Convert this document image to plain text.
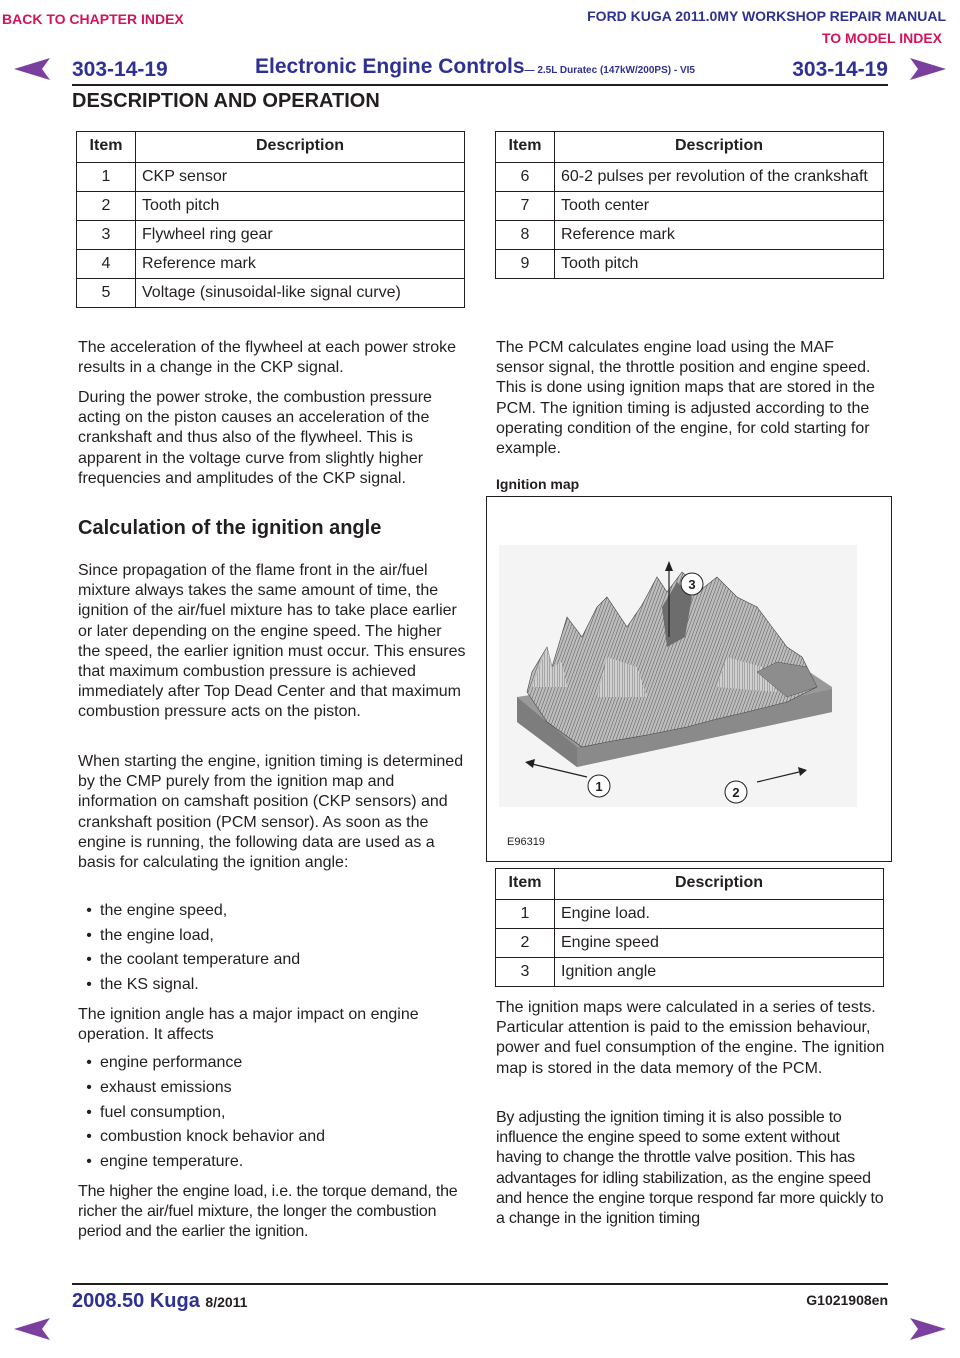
BACK TO CHAPTER INDEX	FORD KUGA 2011.0MY WORKSHOP REPAIR MANUAL
TO MODEL INDEX
303-14-19	Electronic Engine Controls— 2.5L Duratec (147kW/200PS) - VI5	303-14-19
DESCRIPTION AND OPERATION
Item	Description
1	CKP sensor
2	Tooth pitch
3	Flywheel ring gear
4	Reference mark
5	Voltage (sinusoidal-like signal curve)
Item	Description
6	60-2 pulses per revolution of the crankshaft
7	Tooth center
8	Reference mark
9	Tooth pitch

The acceleration of the flywheel at each power stroke results in a change in the CKP signal.

During the power stroke, the combustion pressure acting on the piston causes an acceleration of the crankshaft and thus also of the flywheel. This is apparent in the voltage curve from slightly higher frequencies and amplitudes of the CKP signal.

Calculation of the ignition angle

Since propagation of the flame front in the air/fuel mixture always takes the same amount of time, the ignition of the air/fuel mixture has to take place earlier or later depending on the engine speed. The higher the speed, the earlier ignition must occur. This ensures that maximum combustion pressure is achieved immediately after Top Dead Center and that maximum combustion pressure acts on the piston.

When starting the engine, ignition timing is determined by the CMP purely from the ignition map and information on camshaft position (CKP sensors) and crankshaft position (PCM sensor). As soon as the engine is running, the following data are used as a basis for calculating the ignition angle:

• the engine speed,
• the engine load,
• the coolant temperature and
• the KS signal.

The ignition angle has a major impact on engine operation. It affects

• engine performance
• exhaust emissions
• fuel consumption,
• combustion knock behavior and
• engine temperature.

The higher the engine load, i.e. the torque demand, the richer the air/fuel mixture, the longer the combustion period and the earlier the ignition.

The PCM calculates engine load using the MAF sensor signal, the throttle position and engine speed. This is done using ignition maps that are stored in the PCM. The ignition timing is adjusted according to the operating condition of the engine, for cold starting for example.

Ignition map
3
1	2
E96319
Item	Description
1	Engine load.
2	Engine speed
3	Ignition angle

The ignition maps were calculated in a series of tests. Particular attention is paid to the emission behaviour, power and fuel consumption of the engine. The ignition map is stored in the data memory of the PCM.

By adjusting the ignition timing it is also possible to influence the engine speed to some extent without having to change the throttle valve position. This has advantages for idling stabilization, as the engine speed and hence the engine torque respond far more quickly to a change in the ignition timing

2008.50 Kuga 8/2011	G1021908en
